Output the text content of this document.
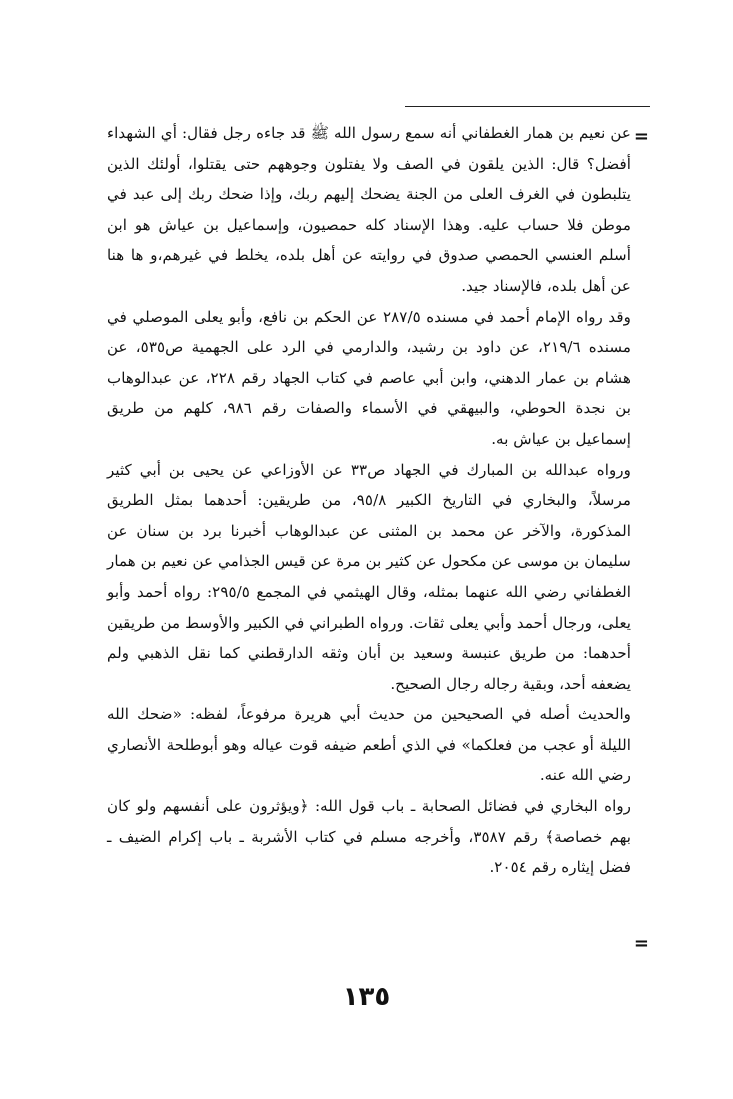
=

عن نعيم بن همار الغطفاني أنه سمع رسول الله ﷺ قد جاءه رجل فقال: أي الشهداء أفضل؟ قال: الذين يلقون في الصف ولا يفتلون وجوههم حتى يقتلوا، أولئك الذين يتلبطون في الغرف العلى من الجنة يضحك إليهم ربك، وإذا ضحك ربك إلى عبد في موطن فلا حساب عليه. وهذا الإسناد كله حمصيون، وإسماعيل بن عياش هو ابن أسلم العنسي الحمصي صدوق في روايته عن أهل بلده، يخلط في غيرهم،و ها هنا عن أهل بلده، فالإسناد جيد.

وقد رواه الإمام أحمد في مسنده ٥/‏٢٨٧ عن الحكم بن نافع، وأبو يعلى الموصلي في مسنده ٦/‏٢١٩، عن داود بن رشيد، والدارمي في الرد على الجهمية ص٥٣٥، عن هشام بن عمار الدهني، وابن أبي عاصم في كتاب الجهاد رقم ٢٢٨، عن عبدالوهاب بن نجدة الحوطي، والبيهقي في الأسماء والصفات رقم ٩٨٦، كلهم من طريق إسماعيل بن عياش به.

ورواه عبدالله بن المبارك في الجهاد ص٣٣ عن الأوزاعي عن يحيى بن أبي كثير مرسلاً، والبخاري في التاريخ الكبير ٨/‏٩٥، من طريقين: أحدهما بمثل الطريق المذكورة، والآخر عن محمد بن المثنى عن عبدالوهاب أخبرنا برد بن سنان عن سليمان بن موسى عن مكحول عن كثير بن مرة عن قيس الجذامي عن نعيم بن همار الغطفاني رضي الله عنهما بمثله، وقال الهيثمي في المجمع ٥/‏٢٩٥: رواه أحمد وأبو يعلى، ورجال أحمد وأبي يعلى ثقات. ورواه الطبراني في الكبير والأوسط من طريقين أحدهما: من طريق عنبسة وسعيد بن أبان وثقه الدارقطني كما نقل الذهبي ولم يضعفه أحد، وبقية رجاله رجال الصحيح.

والحديث أصله في الصحيحين من حديث أبي هريرة مرفوعاً، لفظه: «ضحك الله الليلة أو عجب من فعلكما» في الذي أطعم ضيفه قوت عياله وهو أبوطلحة الأنصاري رضي الله عنه.

رواه البخاري في فضائل الصحابة ـ باب قول الله: ﴿ويؤثرون على أنفسهم ولو كان بهم خصاصة﴾ رقم ٣٥٨٧، وأخرجه مسلم في كتاب الأشربة ـ باب إكرام الضيف ـ فضل إيثاره رقم ٢٠٥٤.

=
١٣٥
